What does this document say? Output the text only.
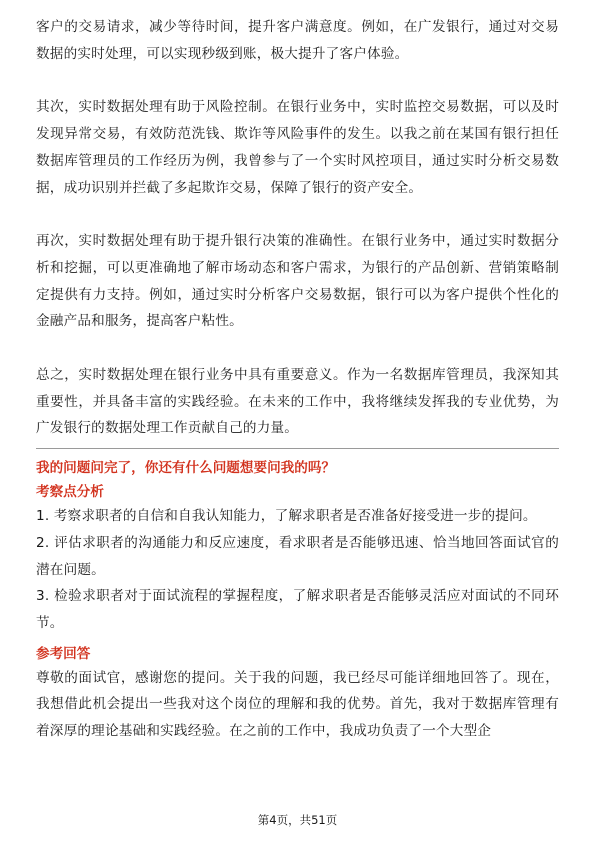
客户的交易请求，减少等待时间，提升客户满意度。例如，在广发银行，通过对交易数据的实时处理，可以实现秒级到账，极大提升了客户体验。

其次，实时数据处理有助于风险控制。在银行业务中，实时监控交易数据，可以及时发现异常交易，有效防范洗钱、欺诈等风险事件的发生。以我之前在某国有银行担任数据库管理员的工作经历为例，我曾参与了一个实时风控项目，通过实时分析交易数据，成功识别并拦截了多起欺诈交易，保障了银行的资产安全。

再次，实时数据处理有助于提升银行决策的准确性。在银行业务中，通过实时数据分析和挖掘，可以更准确地了解市场动态和客户需求，为银行的产品创新、营销策略制定提供有力支持。例如，通过实时分析客户交易数据，银行可以为客户提供个性化的金融产品和服务，提高客户粘性。

总之，实时数据处理在银行业务中具有重要意义。作为一名数据库管理员，我深知其重要性，并具备丰富的实践经验。在未来的工作中，我将继续发挥我的专业优势，为广发银行的数据处理工作贡献自己的力量。

我的问题问完了，你还有什么问题想要问我的吗？

考察点分析

1. 考察求职者的自信和自我认知能力，了解求职者是否准备好接受进一步的提问。

2. 评估求职者的沟通能力和反应速度，看求职者是否能够迅速、恰当地回答面试官的潜在问题。

3. 检验求职者对于面试流程的掌握程度，了解求职者是否能够灵活应对面试的不同环节。

参考回答

尊敬的面试官，感谢您的提问。关于我的问题，我已经尽可能详细地回答了。现在，我想借此机会提出一些我对这个岗位的理解和我的优势。首先，我对于数据库管理有着深厚的理论基础和实践经验。在之前的工作中，我成功负责了一个大型企

第4页，共51页
